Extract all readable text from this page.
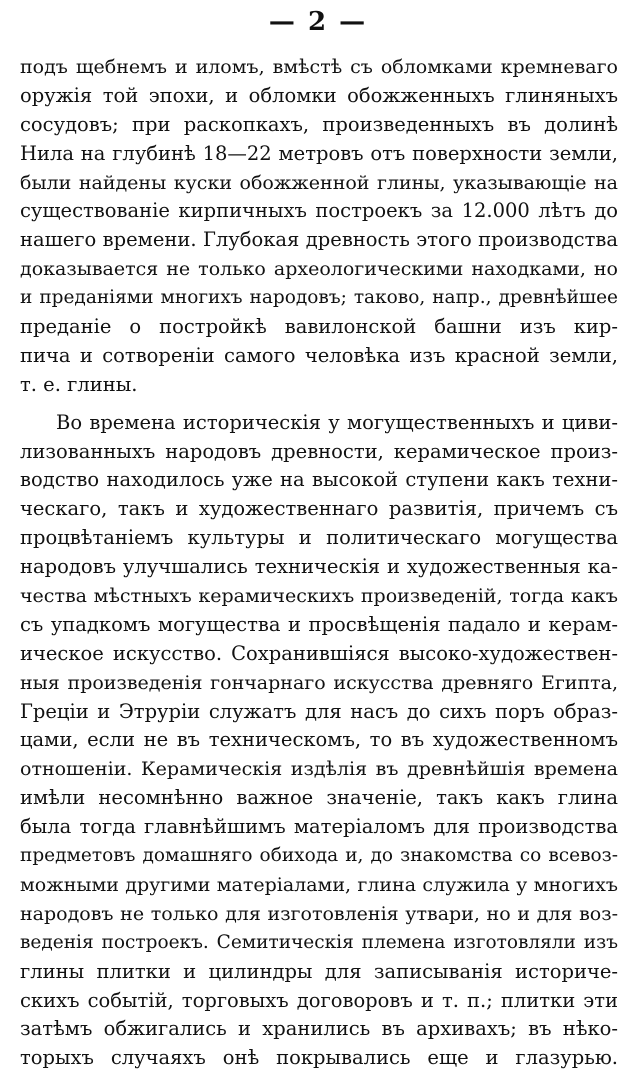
— 2 —
подъ щебнемъ и иломъ, вмѣстѣ съ обломками кремневаго
оружія той эпохи, и обломки обожженныхъ глиняныхъ
сосудовъ; при раскопкахъ, произведенныхъ въ долинѣ
Нила на глубинѣ 18—22 метровъ отъ поверхности земли,
были найдены куски обожженной глины, указывающіе на
существованіе кирпичныхъ построекъ за 12.000 лѣтъ до
нашего времени. Глубокая древность этого производства
доказывается не только археологическими находками, но
и преданіями многихъ народовъ; таково, напр., древнѣйшее
преданіе о постройкѣ вавилонской башни изъ кир-
пича и сотвореніи самого человѣка изъ красной земли,
т. е. глины.
Во времена историческія у могущественныхъ и циви-
лизованныхъ народовъ древности, керамическое произ-
водство находилось уже на высокой ступени какъ техни-
ческаго, такъ и художественнаго развитія, причемъ съ
процвѣтаніемъ культуры и политическаго могущества
народовъ улучшались техническія и художественныя ка-
чества мѣстныхъ керамическихъ произведеній, тогда какъ
съ упадкомъ могущества и просвѣщенія падало и керам-
ическое искусство. Сохранившіяся высоко-художествен-
ныя произведенія гончарнаго искусства древняго Египта,
Греціи и Этруріи служатъ для насъ до сихъ поръ образ-
цами, если не въ техническомъ, то въ художественномъ
отношеніи. Керамическія издѣлія въ древнѣйшія времена
имѣли несомнѣнно важное значеніе, такъ какъ глина
была тогда главнѣйшимъ матеріаломъ для производства
предметовъ домашняго обихода и, до знакомства со всевоз-
можными другими матеріалами, глина служила у многихъ
народовъ не только для изготовленія утвари, но и для воз-
веденія построекъ. Семитическія племена изготовляли изъ
глины плитки и цилиндры для записыванія историче-
скихъ событій, торговыхъ договоровъ и т. п.; плитки эти
затѣмъ обжигались и хранились въ архивахъ; въ нѣко-
торыхъ случаяхъ онѣ покрывались еще и глазурью.
